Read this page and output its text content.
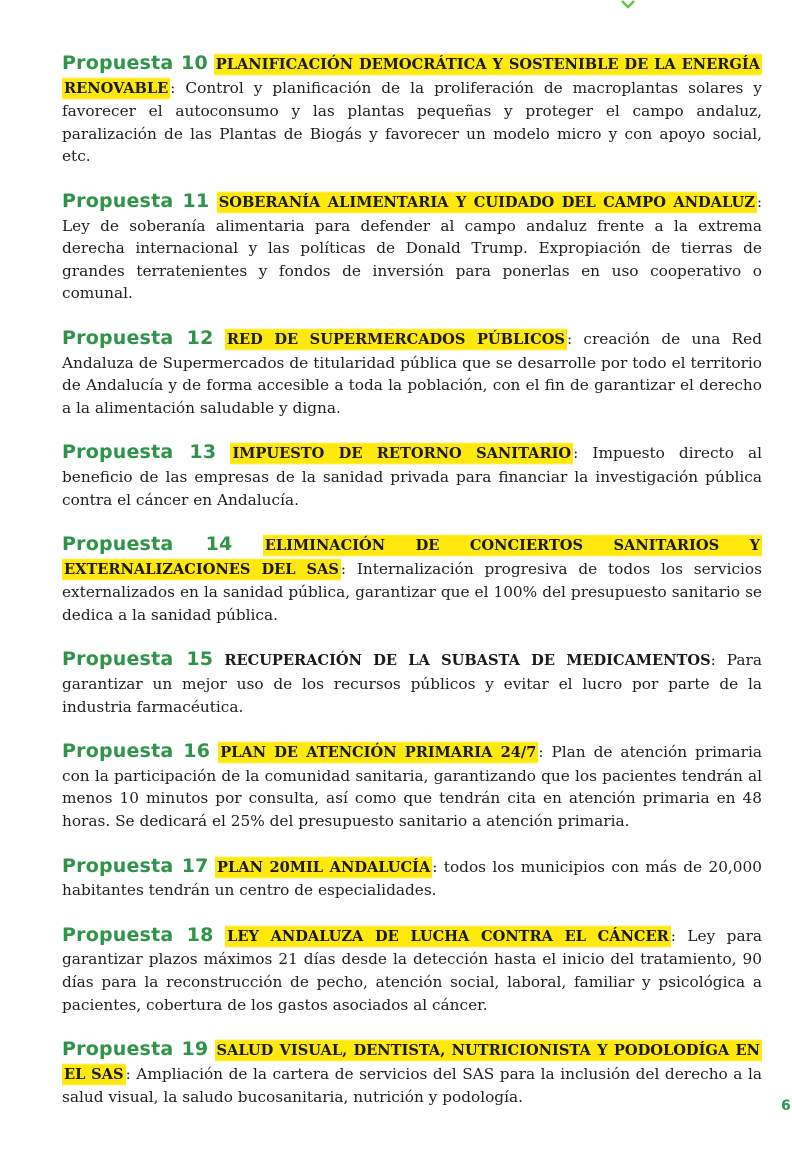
Propuesta 10 PLANIFICACIÓN DEMOCRÁTICA Y SOSTENIBLE DE LA ENERGÍA RENOVABLE : Control y planificación de la proliferación de macroplantas solares y favorecer el autoconsumo y las plantas pequeñas y proteger el campo andaluz, paralización de las Plantas de Biogás y favorecer un modelo micro y con apoyo social, etc.

Propuesta 11 SOBERANÍA ALIMENTARIA Y CUIDADO DEL CAMPO ANDALUZ : Ley de soberanía alimentaria para defender al campo andaluz frente a la extrema derecha internacional y las políticas de Donald Trump. Expropiación de tierras de grandes terratenientes y fondos de inversión para ponerlas en uso cooperativo o comunal.

Propuesta 12 RED DE SUPERMERCADOS PÚBLICOS : creación de una Red Andaluza de Supermercados de titularidad pública que se desarrolle por todo el territorio de Andalucía y de forma accesible a toda la población, con el fin de garantizar el derecho a la alimentación saludable y digna.

Propuesta 13 IMPUESTO DE RETORNO SANITARIO : Impuesto directo al beneficio de las empresas de la sanidad privada para financiar la investigación pública contra el cáncer en Andalucía.

Propuesta 14 ELIMINACIÓN DE CONCIERTOS SANITARIOS Y EXTERNALIZACIONES DEL SAS : Internalización progresiva de todos los servicios externalizados en la sanidad pública, garantizar que el 100% del presupuesto sanitario se dedica a la sanidad pública.

Propuesta 15 RECUPERACIÓN DE LA SUBASTA DE MEDICAMENTOS: Para garantizar un mejor uso de los recursos públicos y evitar el lucro por parte de la industria farmacéutica.

Propuesta 16 PLAN DE ATENCIÓN PRIMARIA 24/7 : Plan de atención primaria con la participación de la comunidad sanitaria, garantizando que los pacientes tendrán al menos 10 minutos por consulta, así como que tendrán cita en atención primaria en 48 horas. Se dedicará el 25% del presupuesto sanitario a atención primaria.

Propuesta 17 PLAN 20MIL ANDALUCÍA : todos los municipios con más de 20,000 habitantes tendrán un centro de especialidades.

Propuesta 18 LEY ANDALUZA DE LUCHA CONTRA EL CÁNCER : Ley para garantizar plazos máximos 21 días desde la detección hasta el inicio del tratamiento, 90 días para la reconstrucción de pecho, atención social, laboral, familiar y psicológica a pacientes, cobertura de los gastos asociados al cáncer.

Propuesta 19 SALUD VISUAL, DENTISTA, NUTRICIONISTA Y PODOLODÍGA EN EL SAS : Ampliación de la cartera de servicios del SAS para la inclusión del derecho a la salud visual, la saludo bucosanitaria, nutrición y podología.	6
